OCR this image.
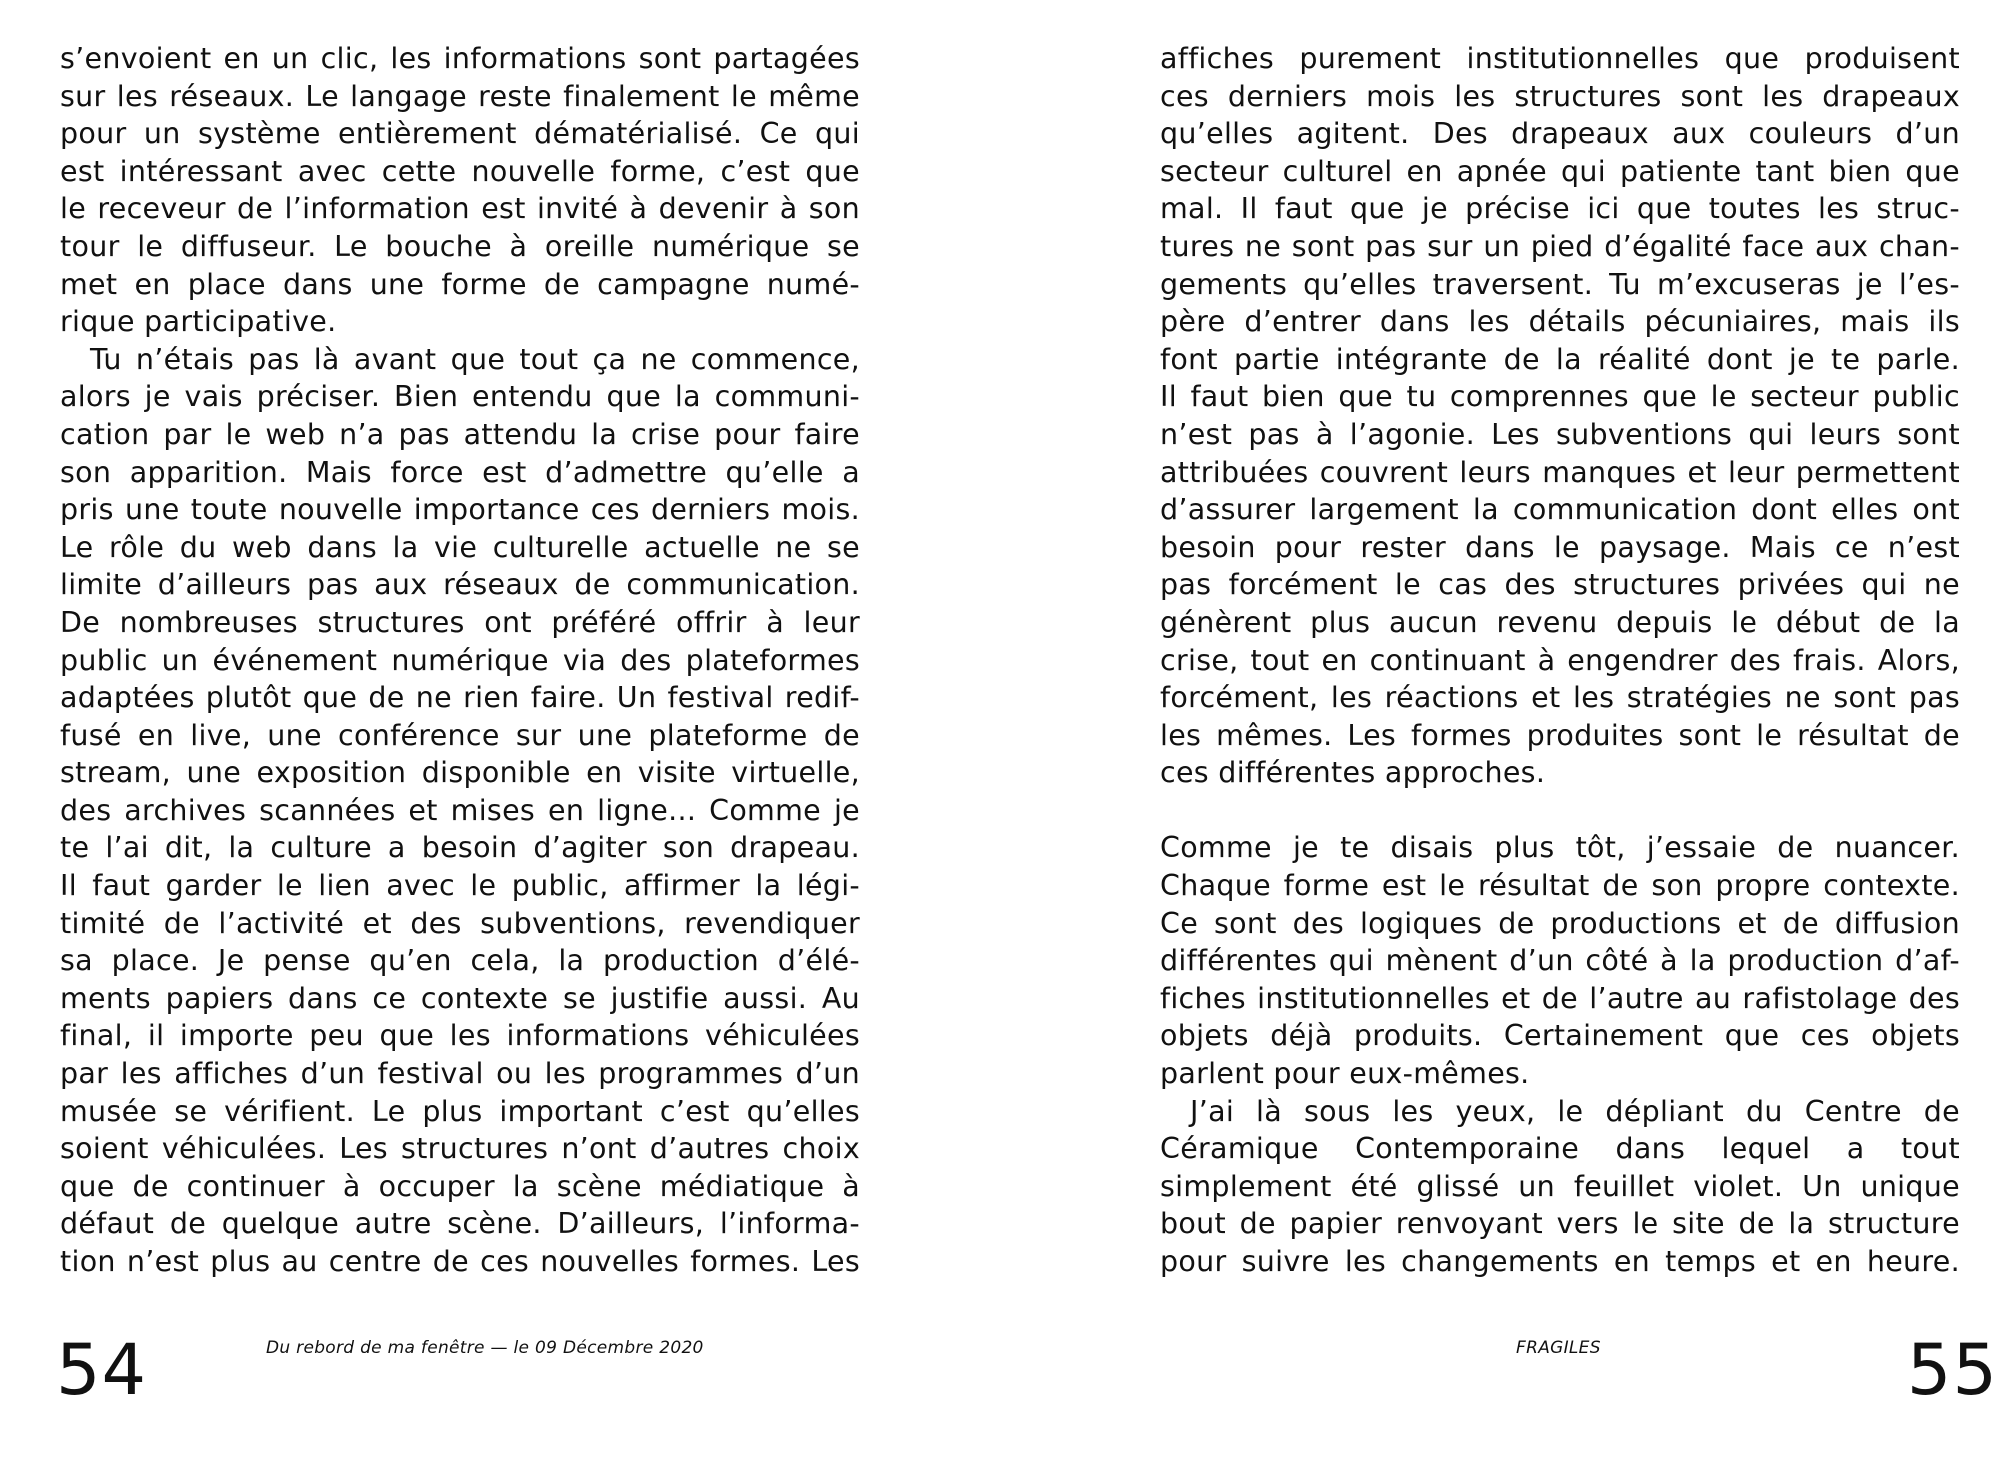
s’envoient en un clic, les informations sont partagées
sur les réseaux. Le langage reste finalement le même
pour un système entièrement dématérialisé. Ce qui
est intéressant avec cette nouvelle forme, c’est que
le receveur de l’information est invité à devenir à son
tour le diffuseur. Le bouche à oreille numérique se
met en place dans une forme de campagne numé-
rique participative.
Tu n’étais pas là avant que tout ça ne commence,
alors je vais préciser. Bien entendu que la communi-
cation par le web n’a pas attendu la crise pour faire
son apparition. Mais force est d’admettre qu’elle a
pris une toute nouvelle importance ces derniers mois.
Le rôle du web dans la vie culturelle actuelle ne se
limite d’ailleurs pas aux réseaux de communication.
De nombreuses structures ont préféré offrir à leur
public un événement numérique via des plateformes
adaptées plutôt que de ne rien faire. Un festival redif-
fusé en live, une conférence sur une plateforme de
stream, une exposition disponible en visite virtuelle,
des archives scannées et mises en ligne... Comme je
te l’ai dit, la culture a besoin d’agiter son drapeau.
Il faut garder le lien avec le public, affirmer la légi-
timité de l’activité et des subventions, revendiquer
sa place. Je pense qu’en cela, la production d’élé-
ments papiers dans ce contexte se justifie aussi. Au
final, il importe peu que les informations véhiculées
par les affiches d’un festival ou les programmes d’un
musée se vérifient. Le plus important c’est qu’elles
soient véhiculées. Les structures n’ont d’autres choix
que de continuer à occuper la scène médiatique à
défaut de quelque autre scène. D’ailleurs, l’informa-
tion n’est plus au centre de ces nouvelles formes. Les
54	Du rebord de ma fenêtre — le 09 Décembre 2020
affiches purement institutionnelles que produisent
ces derniers mois les structures sont les drapeaux
qu’elles agitent. Des drapeaux aux couleurs d’un
secteur culturel en apnée qui patiente tant bien que
mal. Il faut que je précise ici que toutes les struc-
tures ne sont pas sur un pied d’égalité face aux chan-
gements qu’elles traversent. Tu m’excuseras je l’es-
père d’entrer dans les détails pécuniaires, mais ils
font partie intégrante de la réalité dont je te parle.
Il faut bien que tu comprennes que le secteur public
n’est pas à l’agonie. Les subventions qui leurs sont
attribuées couvrent leurs manques et leur permettent
d’assurer largement la communication dont elles ont
besoin pour rester dans le paysage. Mais ce n’est
pas forcément le cas des structures privées qui ne
génèrent plus aucun revenu depuis le début de la
crise, tout en continuant à engendrer des frais. Alors,
forcément, les réactions et les stratégies ne sont pas
les mêmes. Les formes produites sont le résultat de
ces différentes approches.
Comme je te disais plus tôt, j’essaie de nuancer.
Chaque forme est le résultat de son propre contexte.
Ce sont des logiques de productions et de diffusion
différentes qui mènent d’un côté à la production d’af-
fiches institutionnelles et de l’autre au rafistolage des
objets déjà produits. Certainement que ces objets
parlent pour eux-mêmes.
J’ai là sous les yeux, le dépliant du Centre de
Céramique Contemporaine dans lequel a tout
simplement été glissé un feuillet violet. Un unique
bout de papier renvoyant vers le site de la structure
pour suivre les changements en temps et en heure.
FRAGILES	55
